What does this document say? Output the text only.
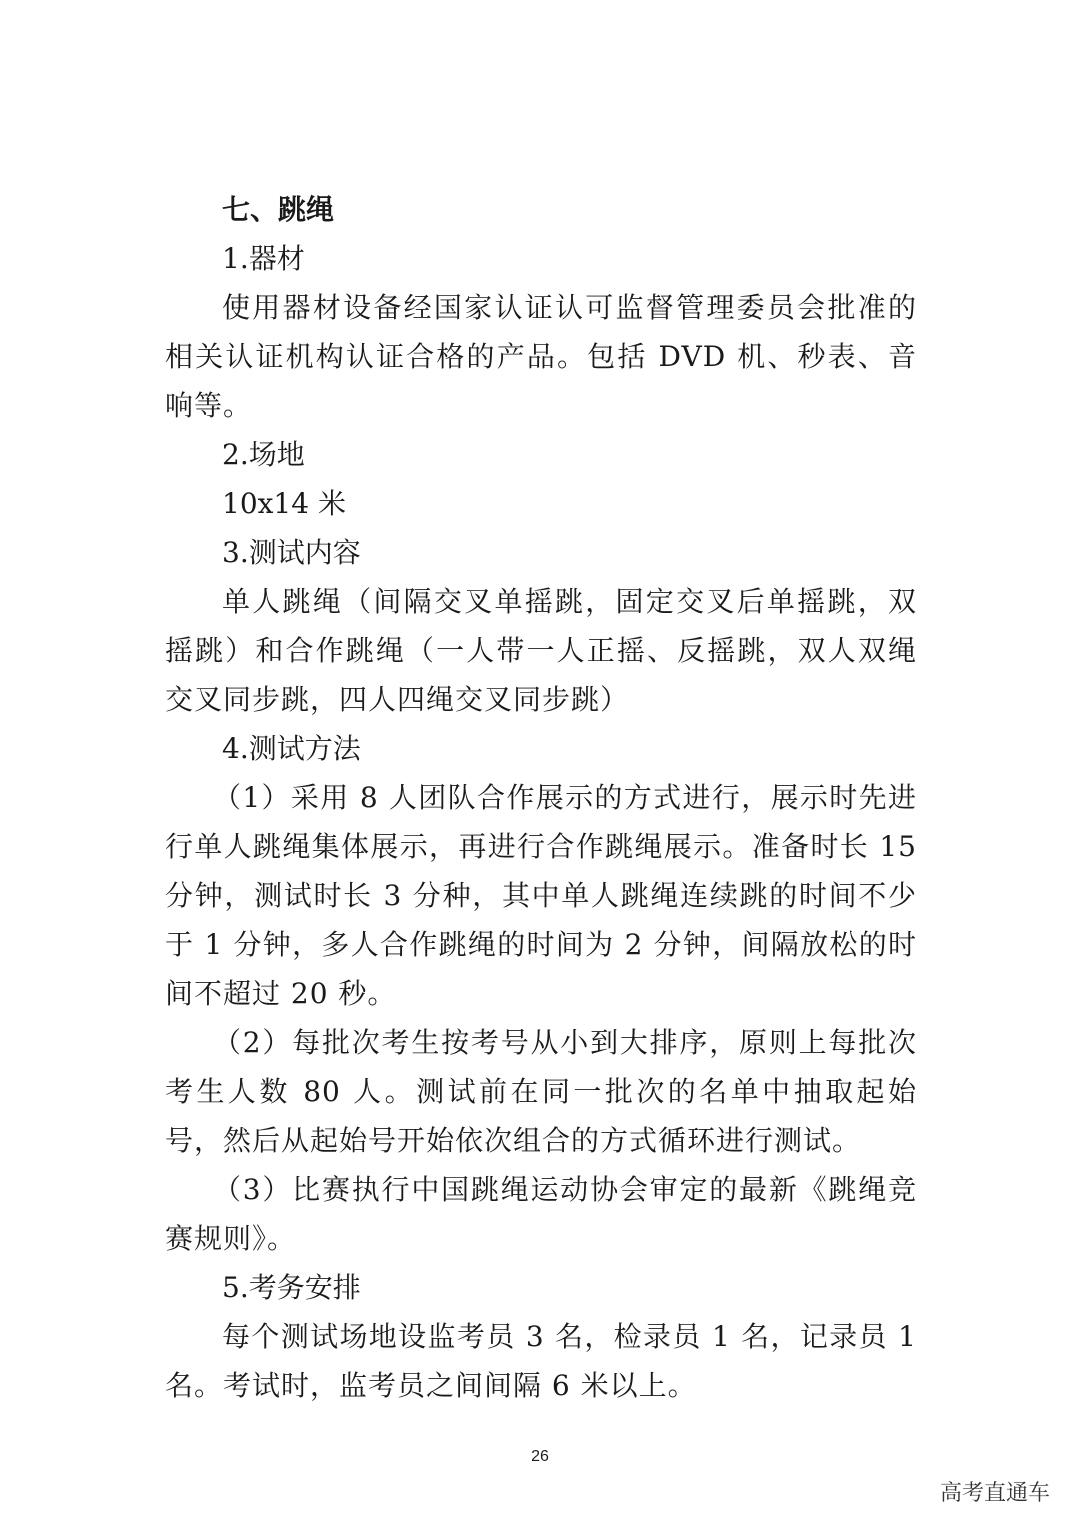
七、跳绳

1.器材

使用器材设备经国家认证认可监督管理委员会批准的相关认证机构认证合格的产品。包括 DVD 机、秒表、音响等。

2.场地

10x14 米

3.测试内容

单人跳绳（间隔交叉单摇跳，固定交叉后单摇跳，双摇跳）和合作跳绳（一人带一人正摇、反摇跳，双人双绳交叉同步跳，四人四绳交叉同步跳）

4.测试方法

（1）采用 8 人团队合作展示的方式进行，展示时先进行单人跳绳集体展示，再进行合作跳绳展示。准备时长 15 分钟，测试时长 3 分种，其中单人跳绳连续跳的时间不少于 1 分钟，多人合作跳绳的时间为 2 分钟，间隔放松的时间不超过 20 秒。

（2）每批次考生按考号从小到大排序，原则上每批次考生人数 80 人。测试前在同一批次的名单中抽取起始号，然后从起始号开始依次组合的方式循环进行测试。

（3）比赛执行中国跳绳运动协会审定的最新《跳绳竞赛规则》。

5.考务安排

每个测试场地设监考员 3 名，检录员 1 名，记录员 1 名。考试时，监考员之间间隔 6 米以上。

26
高考直通车
